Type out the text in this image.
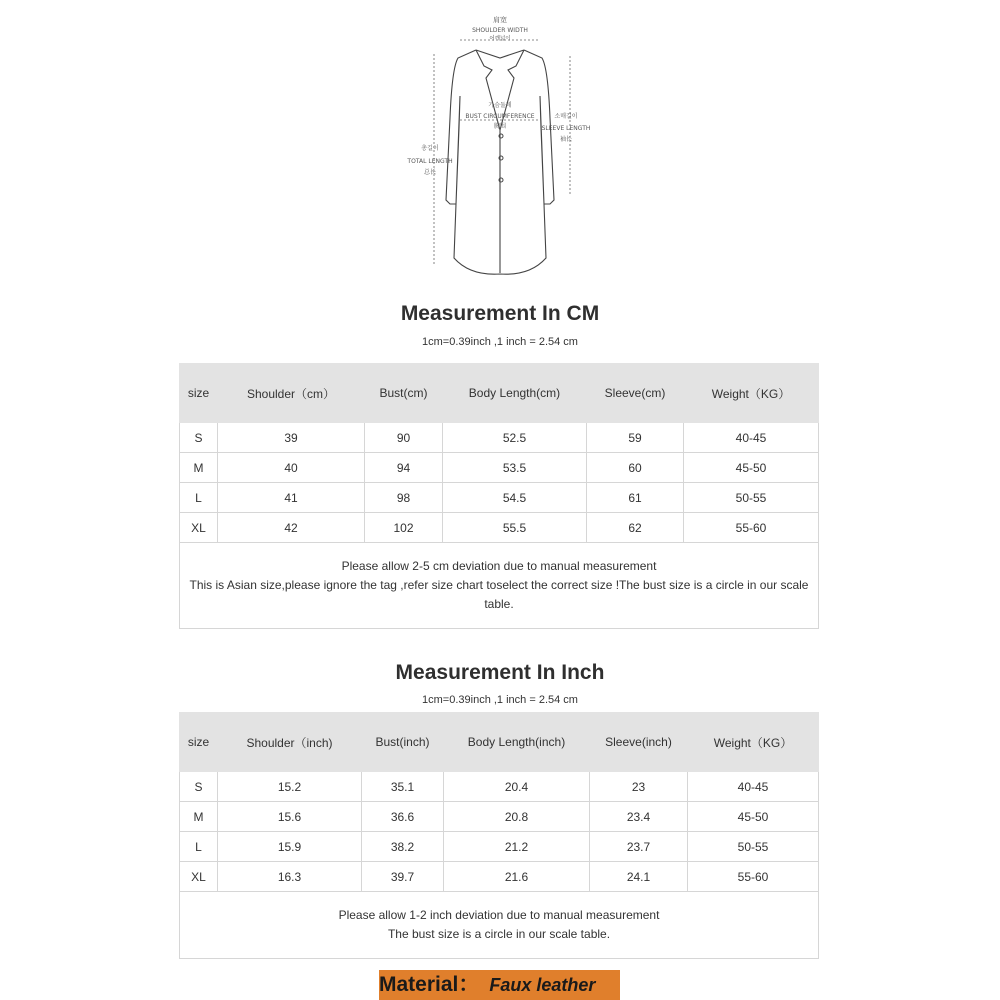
肩宽
SHOULDER WIDTH
어깨넓이
가슴둘레
BUST CIRCUMFERENCE
胸围
소매길이
SLEEVE LENGTH
袖长
총길이
TOTAL LENGTH
总长
Measurement In CM
1cm=0.39inch ,1 inch = 2.54 cm
size	Shoulder（cm）	Bust(cm)	Body Length(cm)	Sleeve(cm)	Weight（KG）
S	39	90	52.5	59	40-45
M	40	94	53.5	60	45-50
L	41	98	54.5	61	50-55
XL	42	102	55.5	62	55-60

Please allow 2-5 cm deviation due to manual measurement
This is Asian size,please ignore the tag ,refer size chart toselect the correct size !The bust size is a circle in our scale table.					
Measurement In Inch
1cm=0.39inch ,1 inch = 2.54 cm
size	Shoulder（inch)	Bust(inch)	Body Length(inch)	Sleeve(inch)	Weight（KG）
S	15.2	35.1	20.4	23	40-45
M	15.6	36.6	20.8	23.4	45-50
L	15.9	38.2	21.2	23.7	50-55
XL	16.3	39.7	21.6	24.1	55-60

Please allow 1-2 inch deviation due to manual measurement
The bust size is a circle in our scale table.					
Material： Faux leather
